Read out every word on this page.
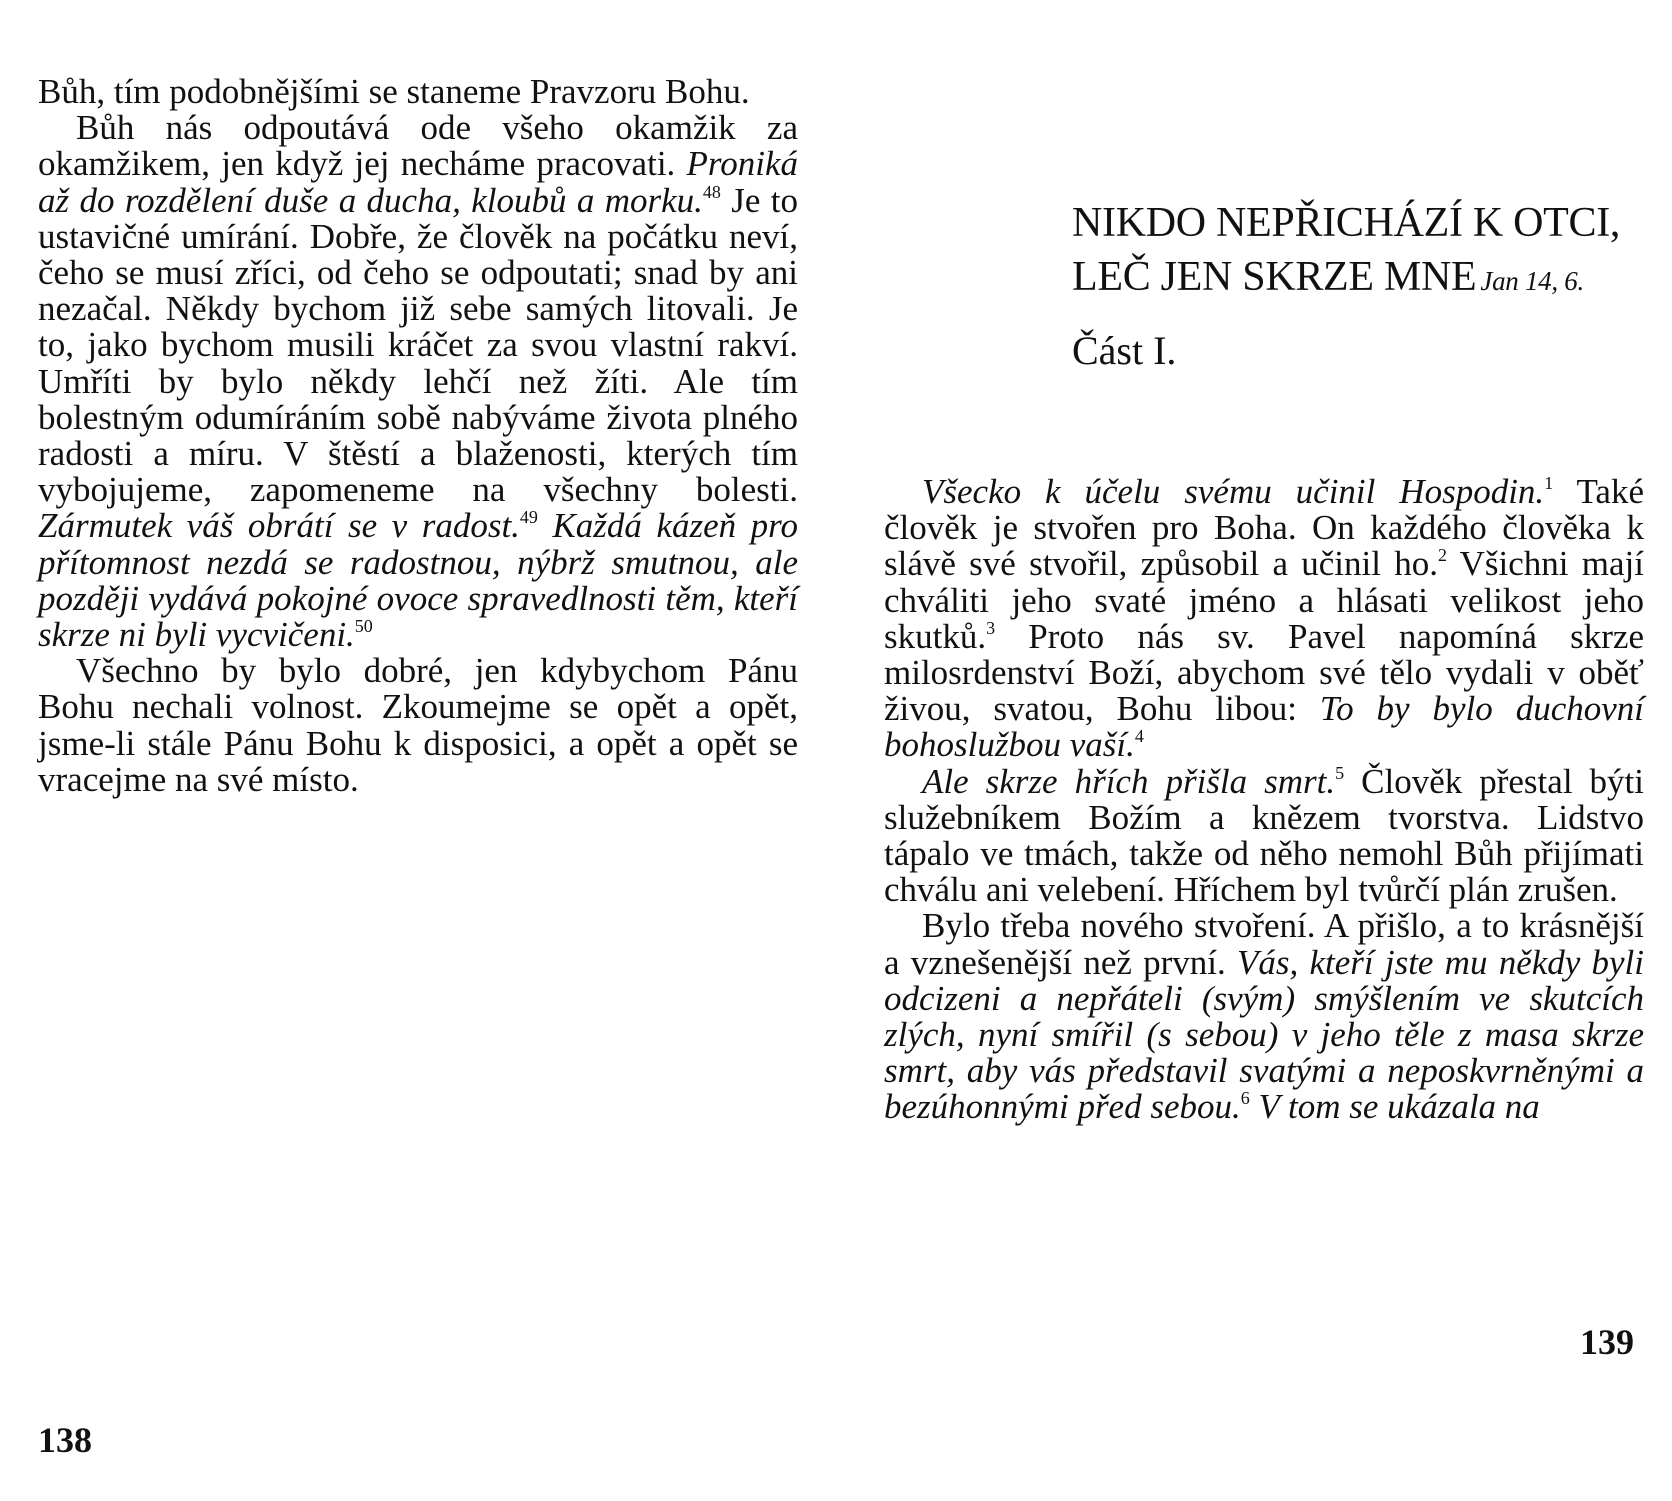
Bůh, tím podobnějšími se staneme Pravzoru Bohu.

Bůh nás odpoutává ode všeho okamžik za okamžikem, jen když jej necháme pracovati. Proniká až do rozdělení duše a ducha, kloubů a morku.$^{48}$ Je to ustavičné umírání. Dobře, že člověk na počátku neví, čeho se musí zříci, od čeho se odpoutati; snad by ani nezačal. Někdy bychom již sebe samých litovali. Je to, jako bychom musili kráčet za svou vlastní rakví. Umříti by bylo někdy lehčí než žíti. Ale tím bolestným odumíráním sobě nabýváme života plného radosti a míru. V štěstí a blaženosti, kterých tím vybojujeme, zapomeneme na všechny bolesti. Zármutek váš obrátí se v radost.$^{49}$ Každá kázeň pro přítomnost nezdá se radostnou, nýbrž smutnou, ale později vydává pokojné ovoce spravedlnosti těm, kteří skrze ni byli vycvičeni.$^{50}$

Všechno by bylo dobré, jen kdybychom Pánu Bohu nechali volnost. Zkoumejme se opět a opět, jsme-li stále Pánu Bohu k disposici, a opět a opět se vracejme na své místo.

138
NIKDO NEPŘICHÁZÍ K OTCI,
LEČ JEN SKRZE MNE Jan 14, 6.
Část I.

Všecko k účelu svému učinil Hospodin.$^1$ Také člověk je stvořen pro Boha. On každého člověka k slávě své stvořil, způsobil a učinil ho.$^2$ Všichni mají chváliti jeho svaté jméno a hlásati velikost jeho skutků.$^3$ Proto nás sv. Pavel napomíná skrze milosrdenství Boží, abychom své tělo vydali v oběť živou, svatou, Bohu libou: To by bylo duchovní bohoslužbou vaší.$^4$

Ale skrze hřích přišla smrt.$^5$ Člověk přestal býti služebníkem Božím a knězem tvorstva. Lidstvo tápalo ve tmách, takže od něho nemohl Bůh přijímati chválu ani velebení. Hříchem byl tvůrčí plán zrušen.

Bylo třeba nového stvoření. A přišlo, a to krásnější a vznešenější než první. Vás, kteří jste mu někdy byli odcizeni a nepřáteli (svým) smýšlením ve skutcích zlých, nyní smířil (s sebou) v jeho těle z masa skrze smrt, aby vás představil svatými a neposkvrněnými a bezúhonnými před sebou.$^6$ V tom se ukázala na

139
